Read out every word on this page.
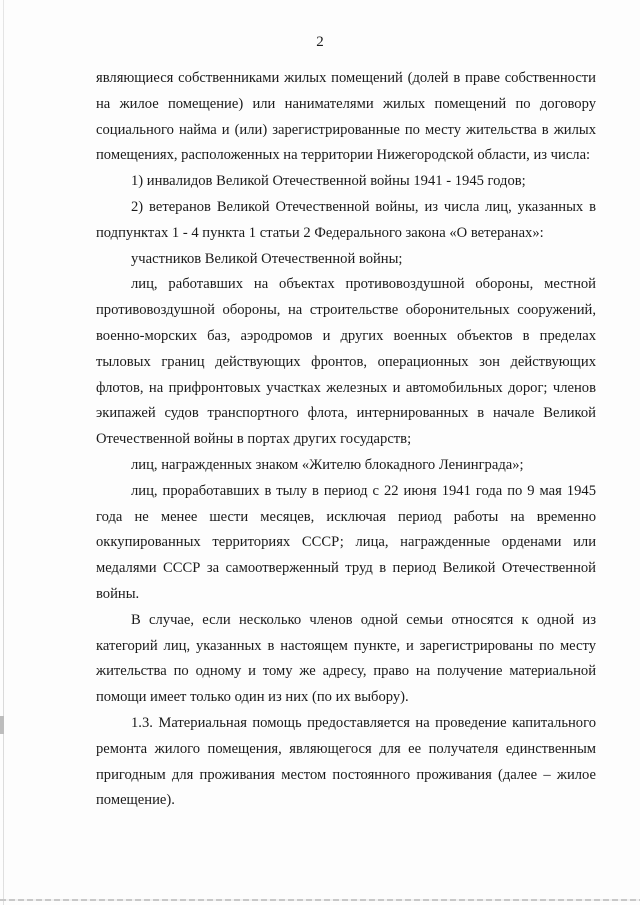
2

являющиеся собственниками жилых помещений (долей в праве собственности на жилое помещение) или нанимателями жилых помещений по договору социального найма и (или) зарегистрированные по месту жительства в жилых помещениях, расположенных на территории Нижегородской области, из числа:

1) инвалидов Великой Отечественной войны 1941 - 1945 годов;

2) ветеранов Великой Отечественной войны, из числа лиц, указанных в подпунктах 1 - 4 пункта 1 статьи 2 Федерального закона «О ветеранах»:

участников Великой Отечественной войны;

лиц, работавших на объектах противовоздушной обороны, местной противовоздушной обороны, на строительстве оборонительных сооружений, военно-морских баз, аэродромов и других военных объектов в пределах тыловых границ действующих фронтов, операционных зон действующих флотов, на прифронтовых участках железных и автомобильных дорог; членов экипажей судов транспортного флота, интернированных в начале Великой Отечественной войны в портах других государств;

лиц, награжденных знаком «Жителю блокадного Ленинграда»;

лиц, проработавших в тылу в период с 22 июня 1941 года по 9 мая 1945 года не менее шести месяцев, исключая период работы на временно оккупированных территориях СССР; лица, награжденные орденами или медалями СССР за самоотверженный труд в период Великой Отечественной войны.

В случае, если несколько членов одной семьи относятся к одной из категорий лиц, указанных в настоящем пункте, и зарегистрированы по месту жительства по одному и тому же адресу, право на получение материальной помощи имеет только один из них (по их выбору).

1.3. Материальная помощь предоставляется на проведение капитального ремонта жилого помещения, являющегося для ее получателя единственным пригодным для проживания местом постоянного проживания (далее – жилое помещение).
